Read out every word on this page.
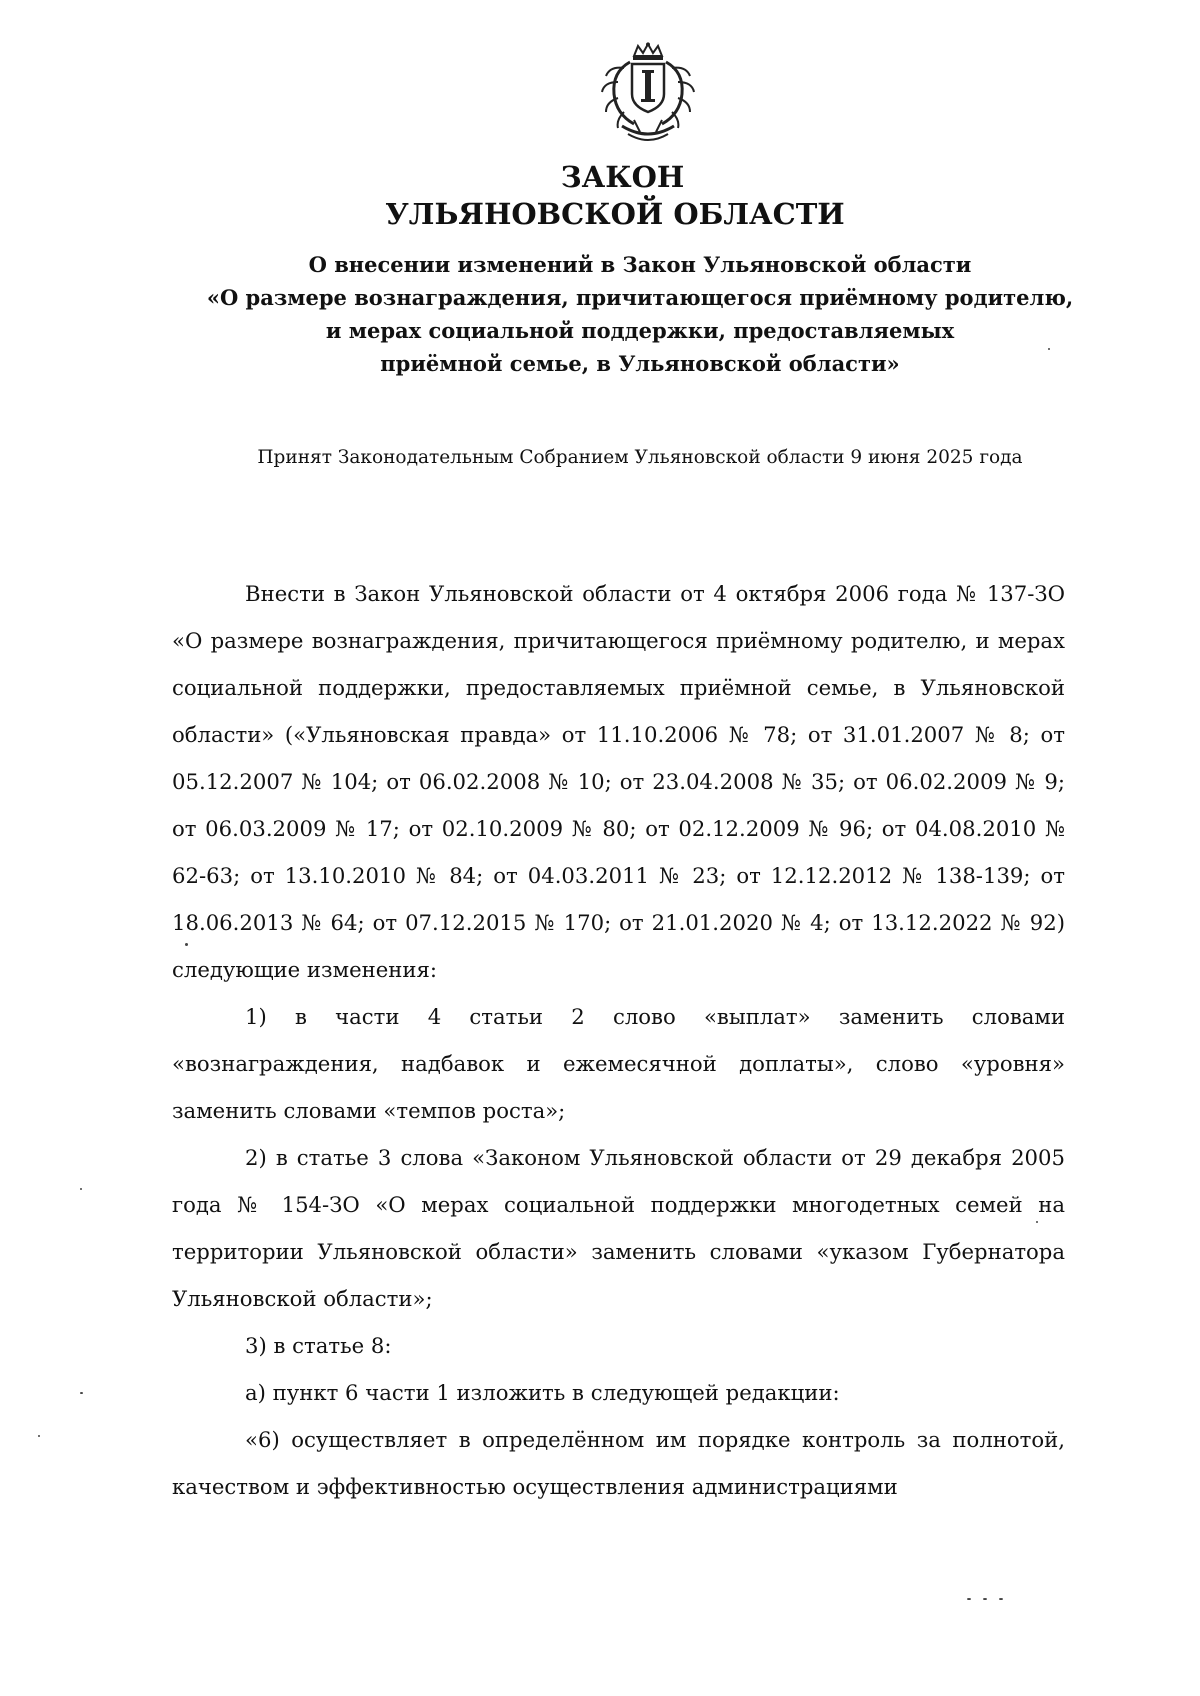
ЗАКОН
УЛЬЯНОВСКОЙ ОБЛАСТИ
О внесении изменений в Закон Ульяновской области
«О размере вознаграждения, причитающегося приёмному родителю,
и мерах социальной поддержки, предоставляемых
приёмной семье, в Ульяновской области»

Принят Законодательным Собранием Ульяновской области 9 июня 2025 года

Внести в Закон Ульяновской области от 4 октября 2006 года № 137-ЗО «О размере вознаграждения, причитающегося приёмному родителю, и мерах социальной поддержки, предоставляемых приёмной семье, в Ульяновской области» («Ульяновская правда» от 11.10.2006 № 78; от 31.01.2007 № 8; от 05.12.2007 № 104; от 06.02.2008 № 10; от 23.04.2008 № 35; от 06.02.2009 № 9; от 06.03.2009 № 17; от 02.10.2009 № 80; от 02.12.2009 № 96; от 04.08.2010 № 62-63; от 13.10.2010 № 84; от 04.03.2011 № 23; от 12.12.2012 № 138-139; от 18.06.2013 № 64; от 07.12.2015 № 170; от 21.01.2020 № 4; от 13.12.2022 № 92) следующие изменения:

1) в части 4 статьи 2 слово «выплат» заменить словами «вознаграждения, надбавок и ежемесячной доплаты», слово «уровня» заменить словами «темпов роста»;

2) в статье 3 слова «Законом Ульяновской области от 29 декабря 2005 года № 154-ЗО «О мерах социальной поддержки многодетных семей на территории Ульяновской области» заменить словами «указом Губернатора Ульяновской области»;

3) в статье 8:

а) пункт 6 части 1 изложить в следующей редакции:

«6) осуществляет в определённом им порядке контроль за полнотой, качеством и эффективностью осуществления администрациями
